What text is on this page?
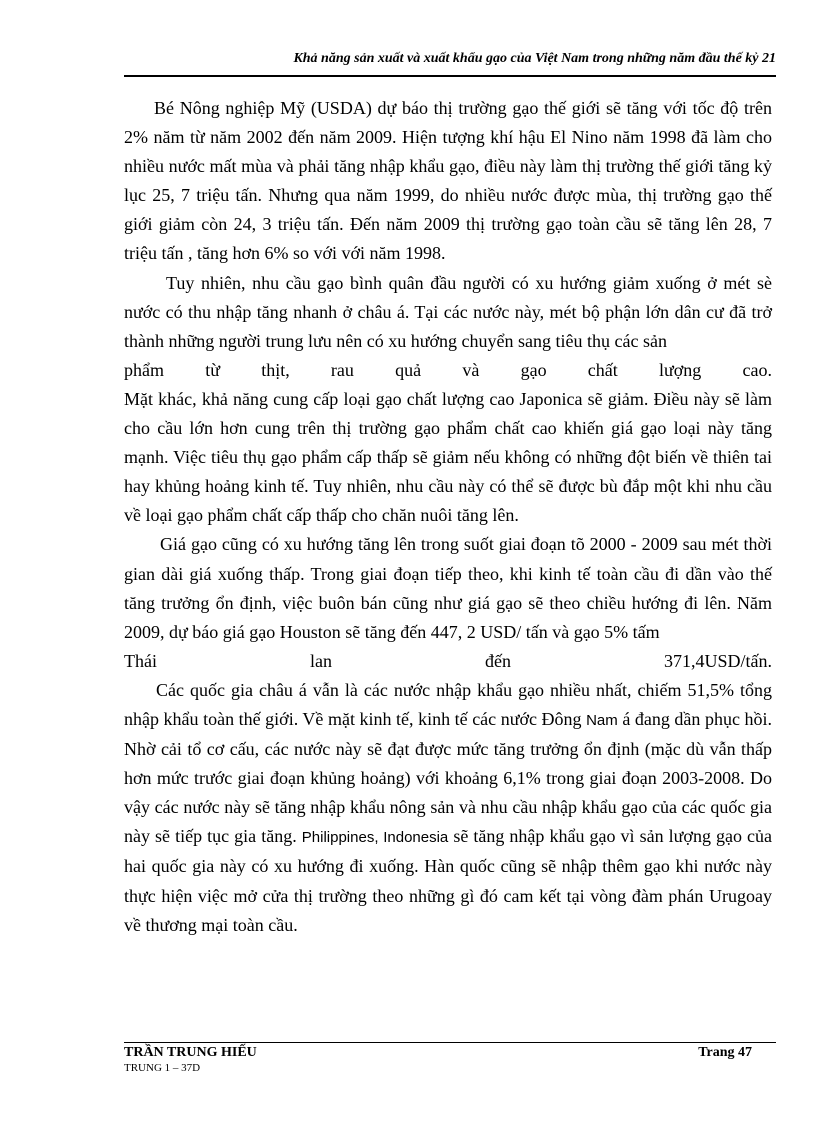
Khả năng sản xuất và xuất khẩu gạo của Việt Nam trong những năm đầu thế kỷ 21

Bé Nông nghiệp Mỹ (USDA) dự báo thị trường gạo thế giới sẽ tăng với tốc độ trên 2% năm từ năm 2002 đến năm 2009. Hiện tượng khí hậu El Nino năm 1998 đã làm cho nhiều nước mất mùa và phải tăng nhập khẩu gạo, điều này làm thị trường thế giới tăng kỷ lục 25, 7 triệu tấn. Nhưng qua năm 1999, do nhiều nước được mùa, thị trường gạo thế giới giảm còn 24, 3 triệu tấn. Đến năm 2009 thị trường gạo toàn cầu sẽ tăng lên 28, 7 triệu tấn , tăng hơn 6% so với với năm 1998.

Tuy nhiên, nhu cầu gạo bình quân đầu người có xu hướng giảm xuống ở mét sè nước có thu nhập tăng nhanh ở châu á. Tại các nước này, mét bộ phận lớn dân cư đã trở thành những người trung lưu nên có xu hướng chuyển sang tiêu thụ các sản

phẩm từ thịt, rau quả và gạo chất lượng cao.

Mặt khác, khả năng cung cấp loại gạo chất lượng cao Japonica sẽ giảm. Điều này sẽ làm cho cầu lớn hơn cung trên thị trường gạo phẩm chất cao khiến giá gạo loại này tăng mạnh. Việc tiêu thụ gạo phẩm cấp thấp sẽ giảm nếu không có những đột biến về thiên tai hay khủng hoảng kinh tế. Tuy nhiên, nhu cầu này có thể sẽ được bù đắp một khi nhu cầu về loại gạo phẩm chất cấp thấp cho chăn nuôi tăng lên.

Giá gạo cũng có xu hướng tăng lên trong suốt giai đoạn tõ 2000 - 2009 sau mét thời gian dài giá xuống thấp. Trong giai đoạn tiếp theo, khi kinh tế toàn cầu đi dần vào thế tăng trưởng ổn định, việc buôn bán cũng như giá gạo sẽ theo chiều hướng đi lên. Năm 2009, dự báo giá gạo Houston sẽ tăng đến 447, 2 USD/ tấn và gạo 5% tấm

Thái lan đến 371,4USD/tấn.

Các quốc gia châu á vẫn là các nước nhập khẩu gạo nhiều nhất, chiếm 51,5% tổng nhập khẩu toàn thế giới. Về mặt kinh tế, kinh tế các nước Đông Nam á đang dần phục hồi. Nhờ cải tổ cơ cấu, các nước này sẽ đạt được mức tăng trưởng ổn định (mặc dù vẫn thấp hơn mức trước giai đoạn khủng hoảng) với khoảng 6,1% trong giai đoạn 2003-2008. Do vậy các nước này sẽ tăng nhập khẩu nông sản và nhu cầu nhập khẩu gạo của các quốc gia này sẽ tiếp tục gia tăng. Philippines, Indonesia sẽ tăng nhập khẩu gạo vì sản lượng gạo của hai quốc gia này có xu hướng đi xuống. Hàn quốc cũng sẽ nhập thêm gạo khi nước này thực hiện việc mở cửa thị trường theo những gì đó cam kết tại vòng đàm phán Urugoay về thương mại toàn cầu.

TRẦN TRUNG HIẾU
TRUNG 1 – 37D
Trang 47
